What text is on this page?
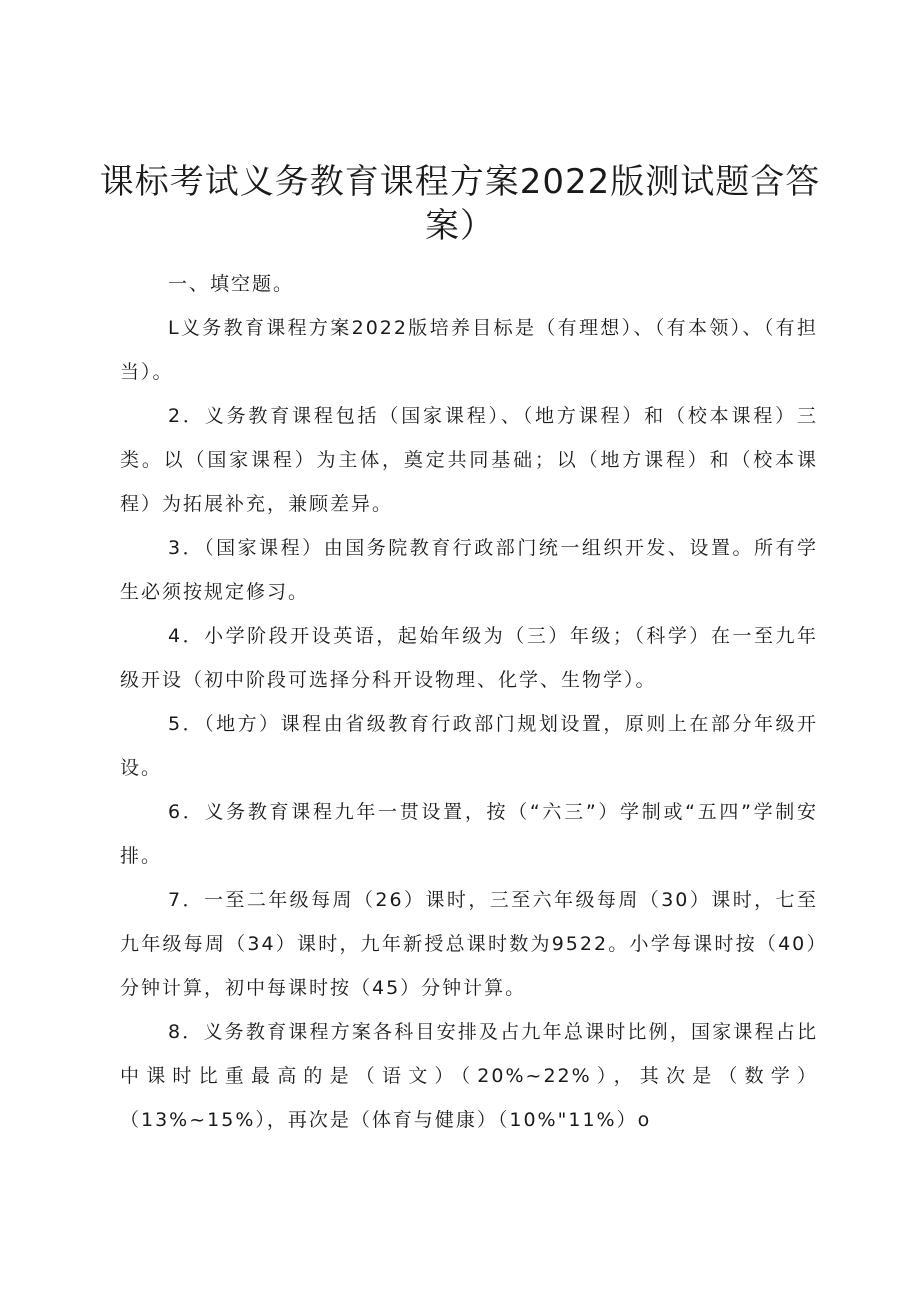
课标考试义务教育课程方案2022版测试题含答案）

一、填空题。

L义务教育课程方案2022版培养目标是（有理想）、（有本领）、（有担当）。

2．义务教育课程包括（国家课程）、（地方课程）和（校本课程）三类。以（国家课程）为主体，奠定共同基础；以（地方课程）和（校本课程）为拓展补充，兼顾差异。

3．（国家课程）由国务院教育行政部门统一组织开发、设置。所有学生必须按规定修习。

4．小学阶段开设英语，起始年级为（三）年级；（科学）在一至九年级开设（初中阶段可选择分科开设物理、化学、生物学）。

5．（地方）课程由省级教育行政部门规划设置，原则上在部分年级开设。

6．义务教育课程九年一贯设置，按（“六三”）学制或“五四”学制安排。

7．一至二年级每周（26）课时，三至六年级每周（30）课时，七至九年级每周（34）课时，九年新授总课时数为9522。小学每课时按（40）分钟计算，初中每课时按（45）分钟计算。

8．义务教育课程方案各科目安排及占九年总课时比例，国家课程占比中课时比重最高的是（语文）（20%~22%），其次是（数学）（13%~15%），再次是（体育与健康）（10%"11%）o
